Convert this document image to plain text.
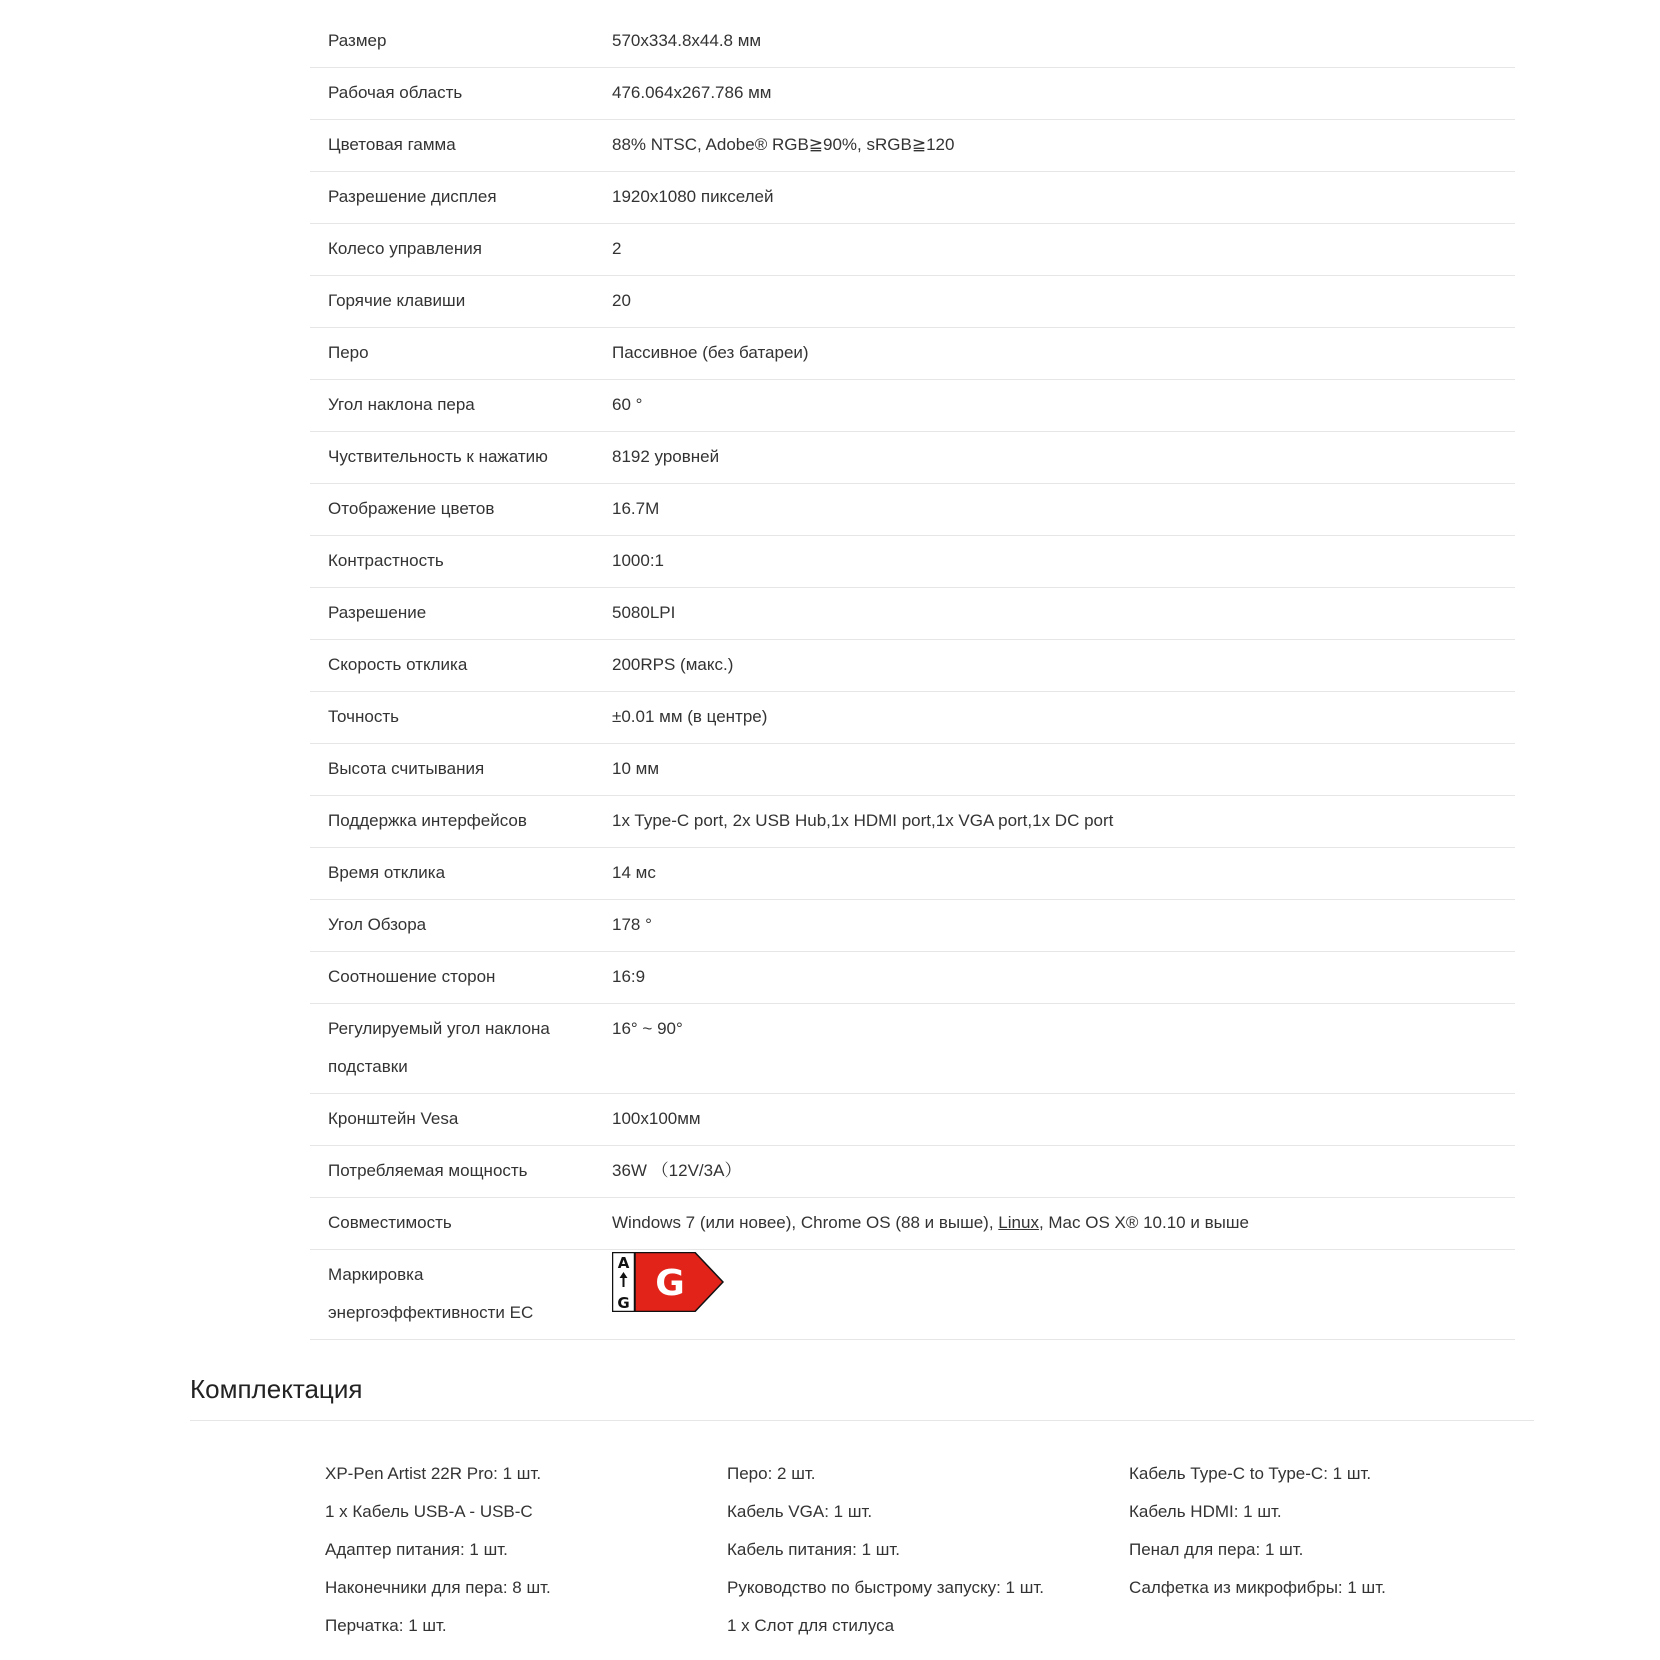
Размер	570x334.8x44.8 мм
Рабочая область	476.064x267.786 мм
Цветовая гамма	88% NTSC, Adobe® RGB≧90%, sRGB≧120
Разрешение дисплея	1920x1080 пикселей
Колесо управления	2
Горячие клавиши	20
Перо	Пассивное (без батареи)
Угол наклона пера	60 °
Чуствительность к нажатию	8192 уровней
Отображение цветов	16.7M
Контрастность	1000:1
Разрешение	5080LPI
Скорость отклика	200RPS (макс.)
Точность	±0.01 мм (в центре)
Высота считывания	10 мм
Поддержка интерфейсов	1x Type-C port, 2x USB Hub,1x HDMI port,1x VGA port,1x DC port
Время отклика	14 мс
Угол Обзора	178 °
Соотношение сторон	16:9
Регулируемый угол наклона подставки	16° ~ 90°
Кронштейн Vesa	100x100мм
Потребляемая мощность	36W （12V/3A）
Совместимость	Windows 7 (или новее), Chrome OS (88 и выше), Linux, Mac OS X® 10.10 и выше
Маркировка энергоэффективности ЕС	A
G G
Комплектация
XP-Pen Artist 22R Pro: 1 шт.
1 x Кабель USB-A - USB-C
Адаптер питания: 1 шт.
Наконечники для пера: 8 шт.
Перчатка: 1 шт.
Перо: 2 шт.
Кабель VGA: 1 шт.
Кабель питания: 1 шт.
Руководство по быстрому запуску: 1 шт.
1 x Слот для стилуса
Кабель Type-C to Type-C: 1 шт.
Кабель HDMI: 1 шт.
Пенал для пера: 1 шт.
Салфетка из микрофибры: 1 шт.
